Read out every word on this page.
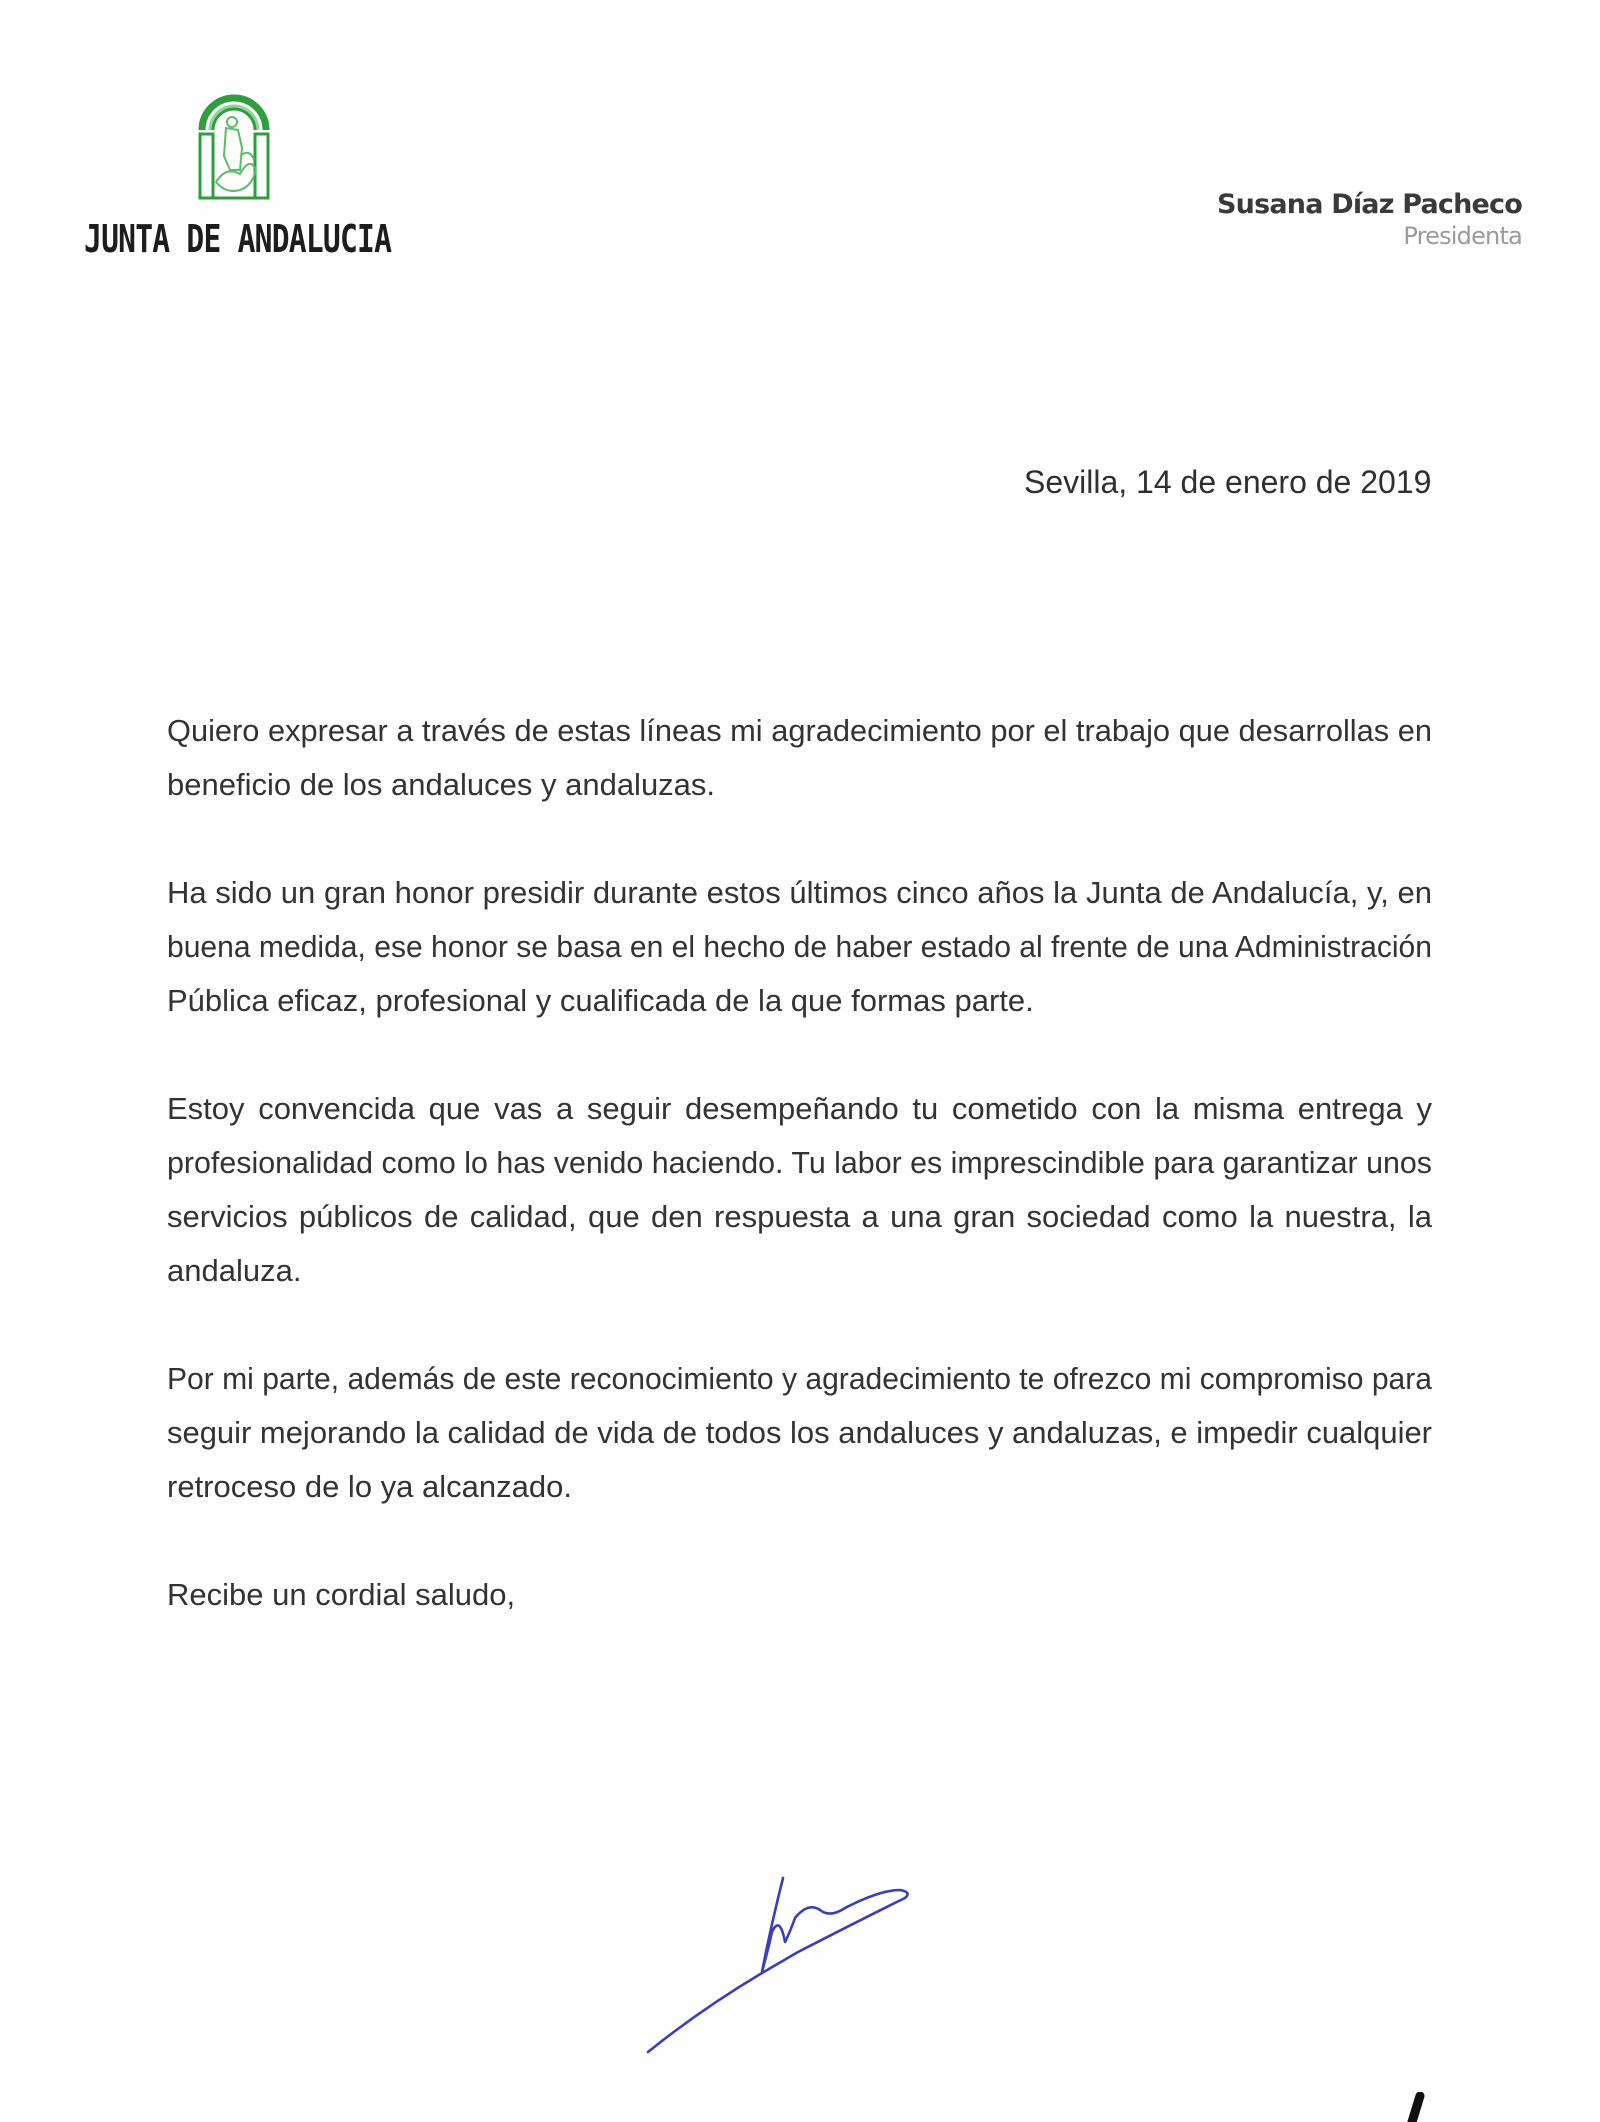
JUNTA DE ANDALUCIA
Susana Díaz Pacheco
Presidenta
Sevilla, 14 de enero de 2019

Quiero expresar a través de estas líneas mi agradecimiento por el trabajo que desarrollas en
beneficio de los andaluces y andaluzas.

Ha sido un gran honor presidir durante estos últimos cinco años la Junta de Andalucía, y, en
buena medida, ese honor se basa en el hecho de haber estado al frente de una Administración
Pública eficaz, profesional y cualificada de la que formas parte.

Estoy convencida que vas a seguir desempeñando tu cometido con la misma entrega y
profesionalidad como lo has venido haciendo. Tu labor es imprescindible para garantizar unos
servicios públicos de calidad, que den respuesta a una gran sociedad como la nuestra, la
andaluza.

Por mi parte, además de este reconocimiento y agradecimiento te ofrezco mi compromiso para
seguir mejorando la calidad de vida de todos los andaluces y andaluzas, e impedir cualquier
retroceso de lo ya alcanzado.

Recibe un cordial saludo,
